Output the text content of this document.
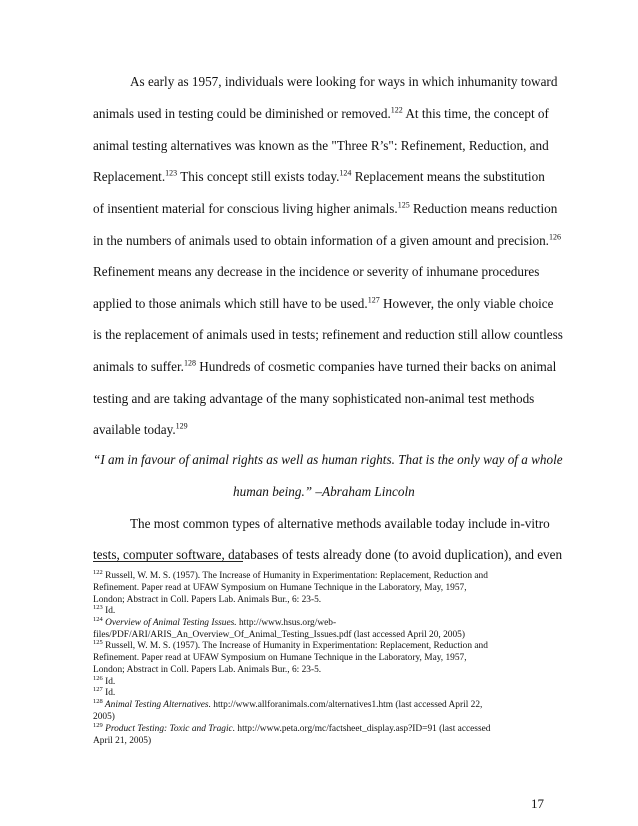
As early as 1957, individuals were looking for ways in which inhumanity toward
animals used in testing could be diminished or removed.$^{122}$ At this time, the concept of
animal testing alternatives was known as the "Three R’s": Refinement, Reduction, and
Replacement.$^{123}$ This concept still exists today.$^{124}$ Replacement means the substitution
of insentient material for conscious living higher animals.$^{125}$ Reduction means reduction
in the numbers of animals used to obtain information of a given amount and precision.$^{126}$
Refinement means any decrease in the incidence or severity of inhumane procedures
applied to those animals which still have to be used.$^{127}$ However, the only viable choice
is the replacement of animals used in tests; refinement and reduction still allow countless
animals to suffer.$^{128}$ Hundreds of cosmetic companies have turned their backs on animal
testing and are taking advantage of the many sophisticated non-animal test methods
available today.$^{129}$
“I am in favour of animal rights as well as human rights. That is the only way of a whole
human being.” –Abraham Lincoln
The most common types of alternative methods available today include in-vitro
tests, computer software, databases of tests already done (to avoid duplication), and even
$^{122}$ Russell, W. M. S. (1957). The Increase of Humanity in Experimentation: Replacement, Reduction and
Refinement. Paper read at UFAW Symposium on Humane Technique in the Laboratory, May, 1957,
London; Abstract in Coll. Papers Lab. Animals Bur., 6: 23-5.
$^{123}$ Id.
$^{124}$ Overview of Animal Testing Issues. http://www.hsus.org/web-
files/PDF/ARI/ARIS_An_Overview_Of_Animal_Testing_Issues.pdf (last accessed April 20, 2005)
$^{125}$ Russell, W. M. S. (1957). The Increase of Humanity in Experimentation: Replacement, Reduction and
Refinement. Paper read at UFAW Symposium on Humane Technique in the Laboratory, May, 1957,
London; Abstract in Coll. Papers Lab. Animals Bur., 6: 23-5.
$^{126}$ Id.
$^{127}$ Id.
$^{128}$ Animal Testing Alternatives. http://www.allforanimals.com/alternatives1.htm (last accessed April 22,
2005)
$^{129}$ Product Testing: Toxic and Tragic. http://www.peta.org/mc/factsheet_display.asp?ID=91 (last accessed
April 21, 2005)
17
